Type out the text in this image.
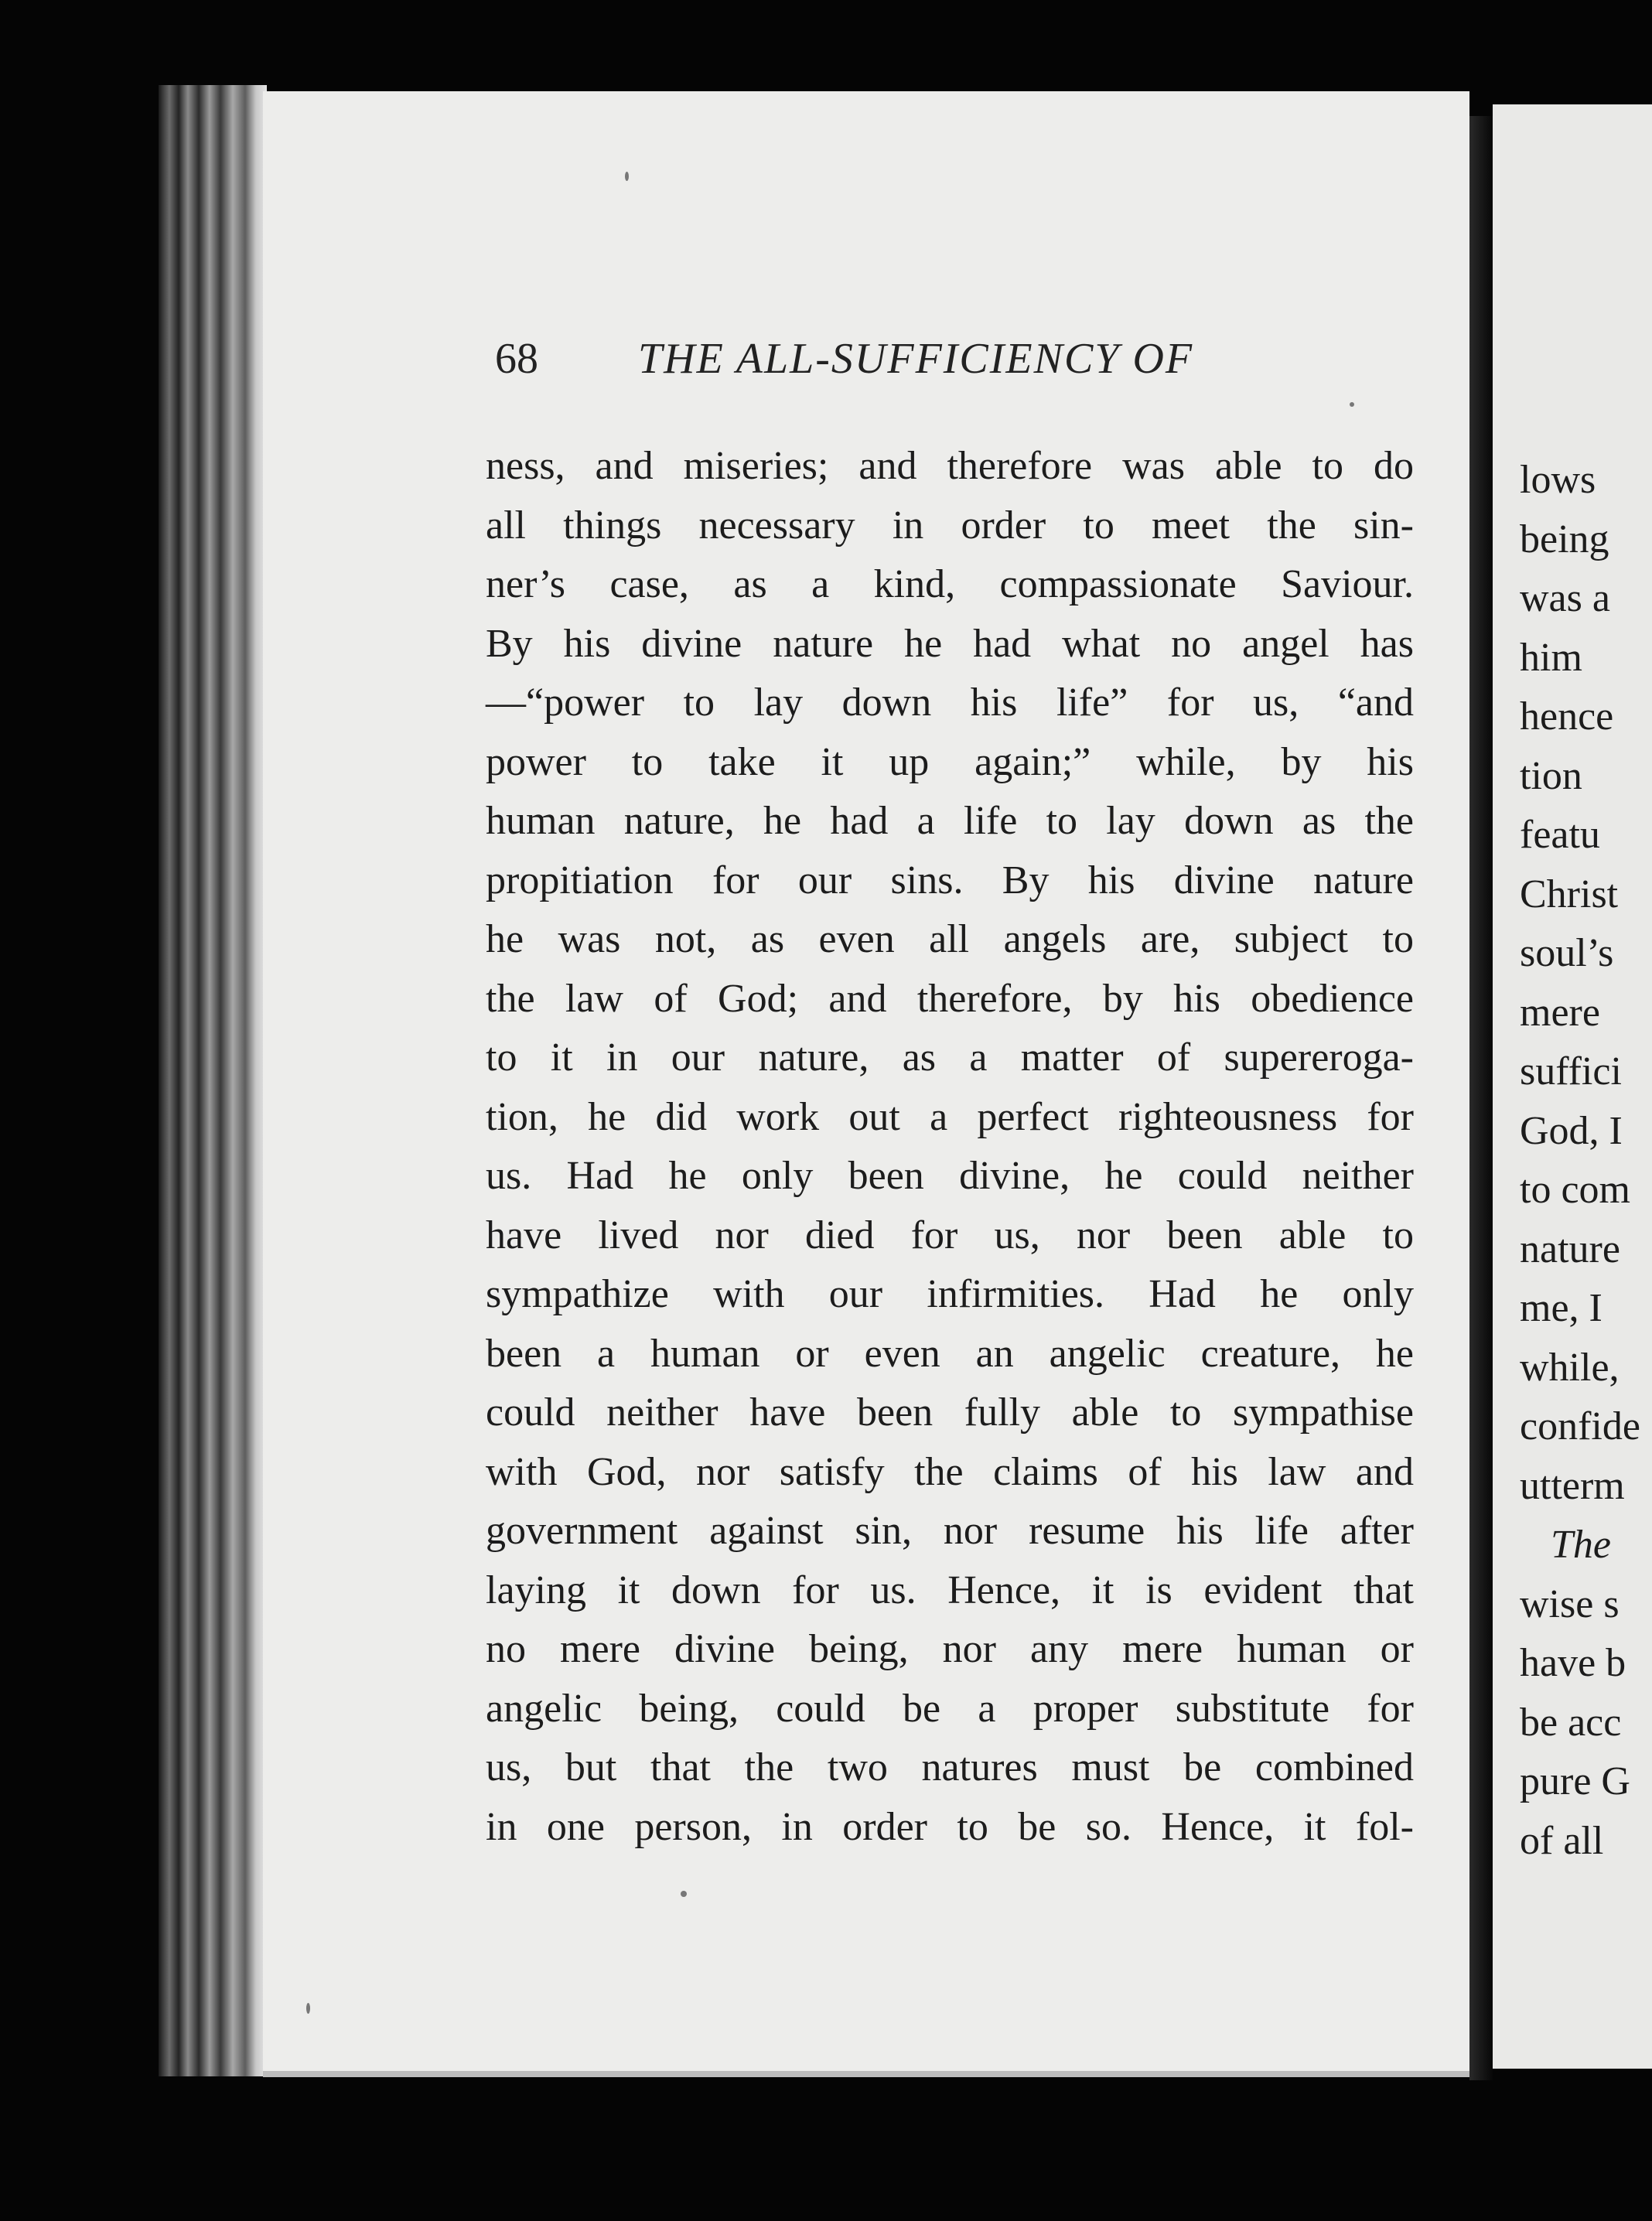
lows
being
was a
him
hence
tion
featu
Christ
soul’s
mere
suffici
God, I
to com
nature
me, I
while,
confide
utterm
The
wise s
have b
be acc
pure G
of all
68 THE ALL-SUFFICIENCY OF
ness, and miseries; and therefore was able to do
all things necessary in order to meet the sin-
ner’s case, as a kind, compassionate Saviour.
By his divine nature he had what no angel has
—“power to lay down his life” for us, “and
power to take it up again;” while, by his
human nature, he had a life to lay down as the
propitiation for our sins. By his divine nature
he was not, as even all angels are, subject to
the law of God; and therefore, by his obedience
to it in our nature, as a matter of supereroga-
tion, he did work out a perfect righteousness for
us. Had he only been divine, he could neither
have lived nor died for us, nor been able to
sympathize with our infirmities. Had he only
been a human or even an angelic creature, he
could neither have been fully able to sympathise
with God, nor satisfy the claims of his law and
government against sin, nor resume his life after
laying it down for us. Hence, it is evident that
no mere divine being, nor any mere human or
angelic being, could be a proper substitute for
us, but that the two natures must be combined
in one person, in order to be so. Hence, it fol-
